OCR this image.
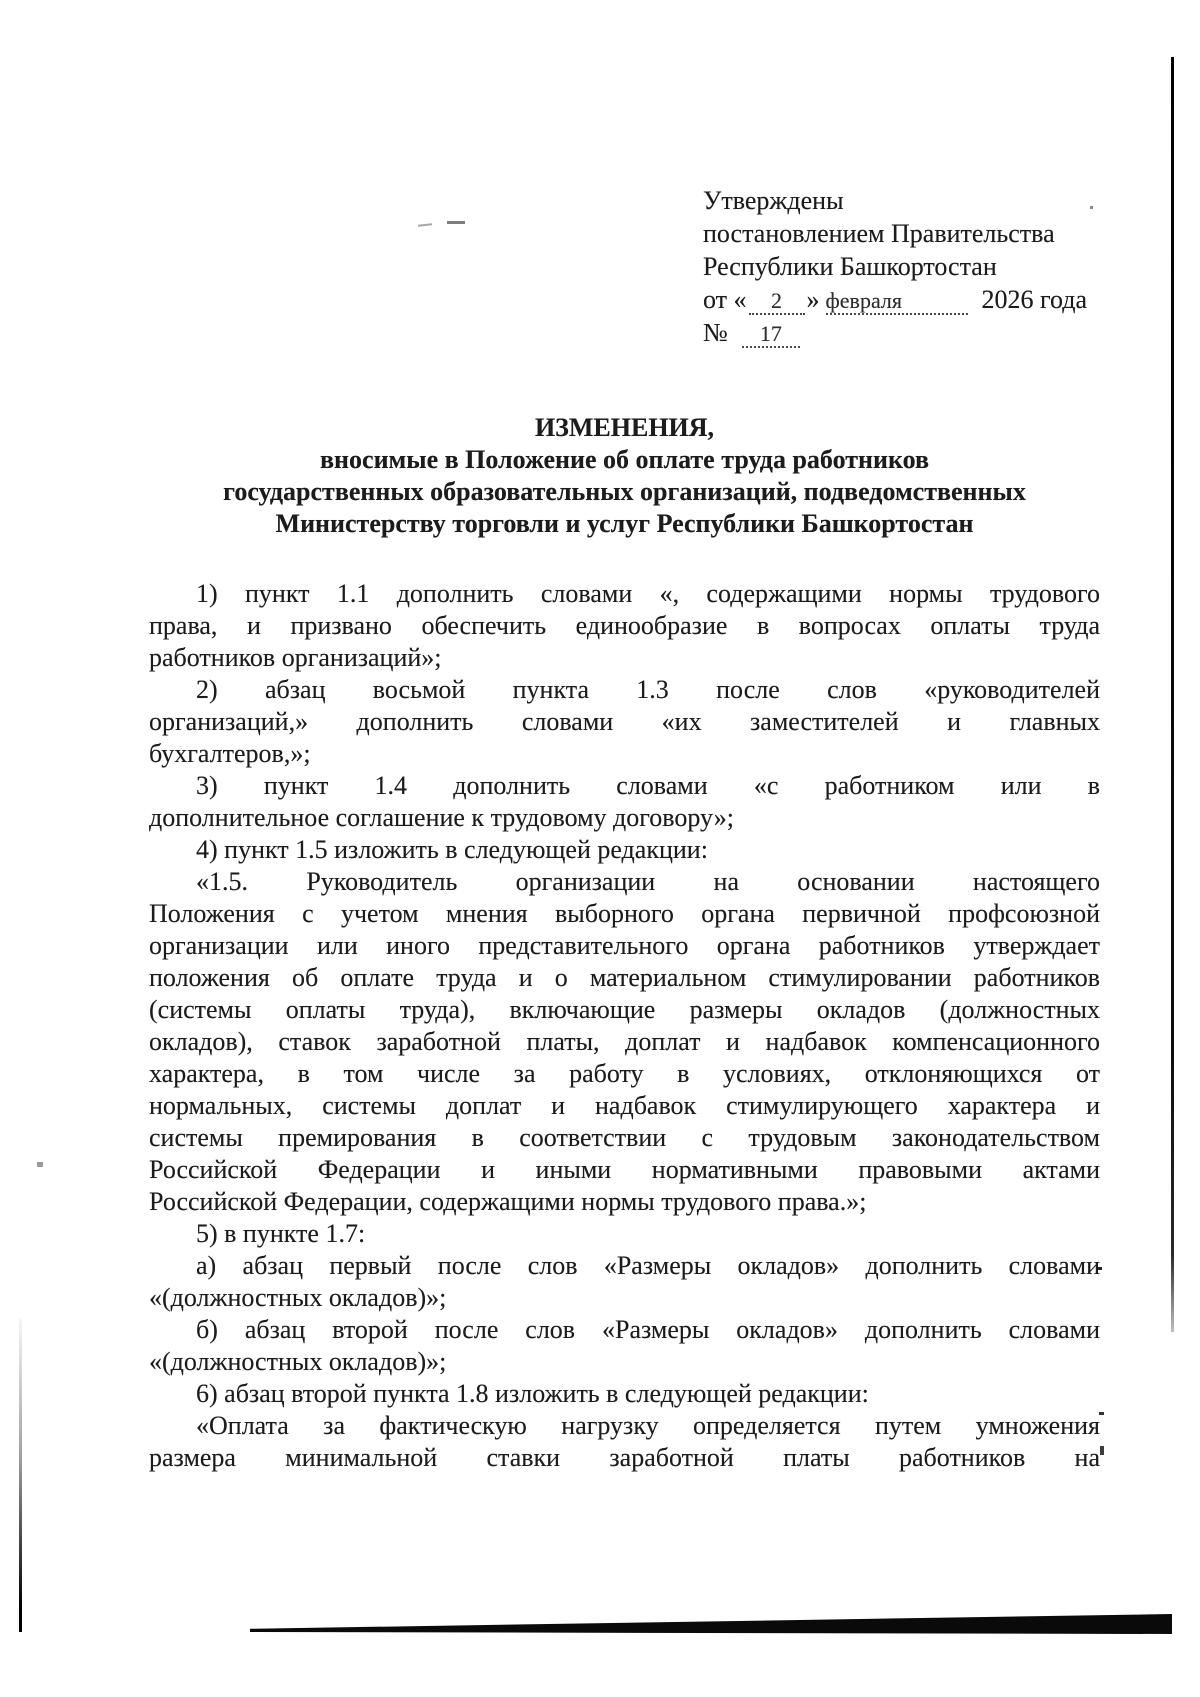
Утверждены
постановлением Правительства
Республики Башкортостан
от « 2 » февраля	2026 года
№ 17
ИЗМЕНЕНИЯ,
вносимые в Положение об оплате труда работников
государственных образовательных организаций, подведомственных
Министерству торговли и услуг Республики Башкортостан
1) пункт 1.1 дополнить словами «, содержащими нормы трудового
права, и призвано обеспечить единообразие в вопросах оплаты труда
работников организаций»;
2) абзац восьмой пункта 1.3 после слов «руководителей
организаций,» дополнить словами «их заместителей и главных
бухгалтеров,»;
3) пункт 1.4 дополнить словами «с работником или в
дополнительное соглашение к трудовому договору»;
4) пункт 1.5 изложить в следующей редакции:
«1.5. Руководитель организации на основании настоящего
Положения с учетом мнения выборного органа первичной профсоюзной
организации или иного представительного органа работников утверждает
положения об оплате труда и о материальном стимулировании работников
(системы оплаты труда), включающие размеры окладов (должностных
окладов), ставок заработной платы, доплат и надбавок компенсационного
характера, в том числе за работу в условиях, отклоняющихся от
нормальных, системы доплат и надбавок стимулирующего характера и
системы премирования в соответствии с трудовым законодательством
Российской Федерации и иными нормативными правовыми актами
Российской Федерации, содержащими нормы трудового права.»;
5) в пункте 1.7:
а) абзац первый после слов «Размеры окладов» дополнить словами
«(должностных окладов)»;
б) абзац второй после слов «Размеры окладов» дополнить словами
«(должностных окладов)»;
6) абзац второй пункта 1.8 изложить в следующей редакции:
«Оплата за фактическую нагрузку определяется путем умножения
размера минимальной ставки заработной платы работников на
